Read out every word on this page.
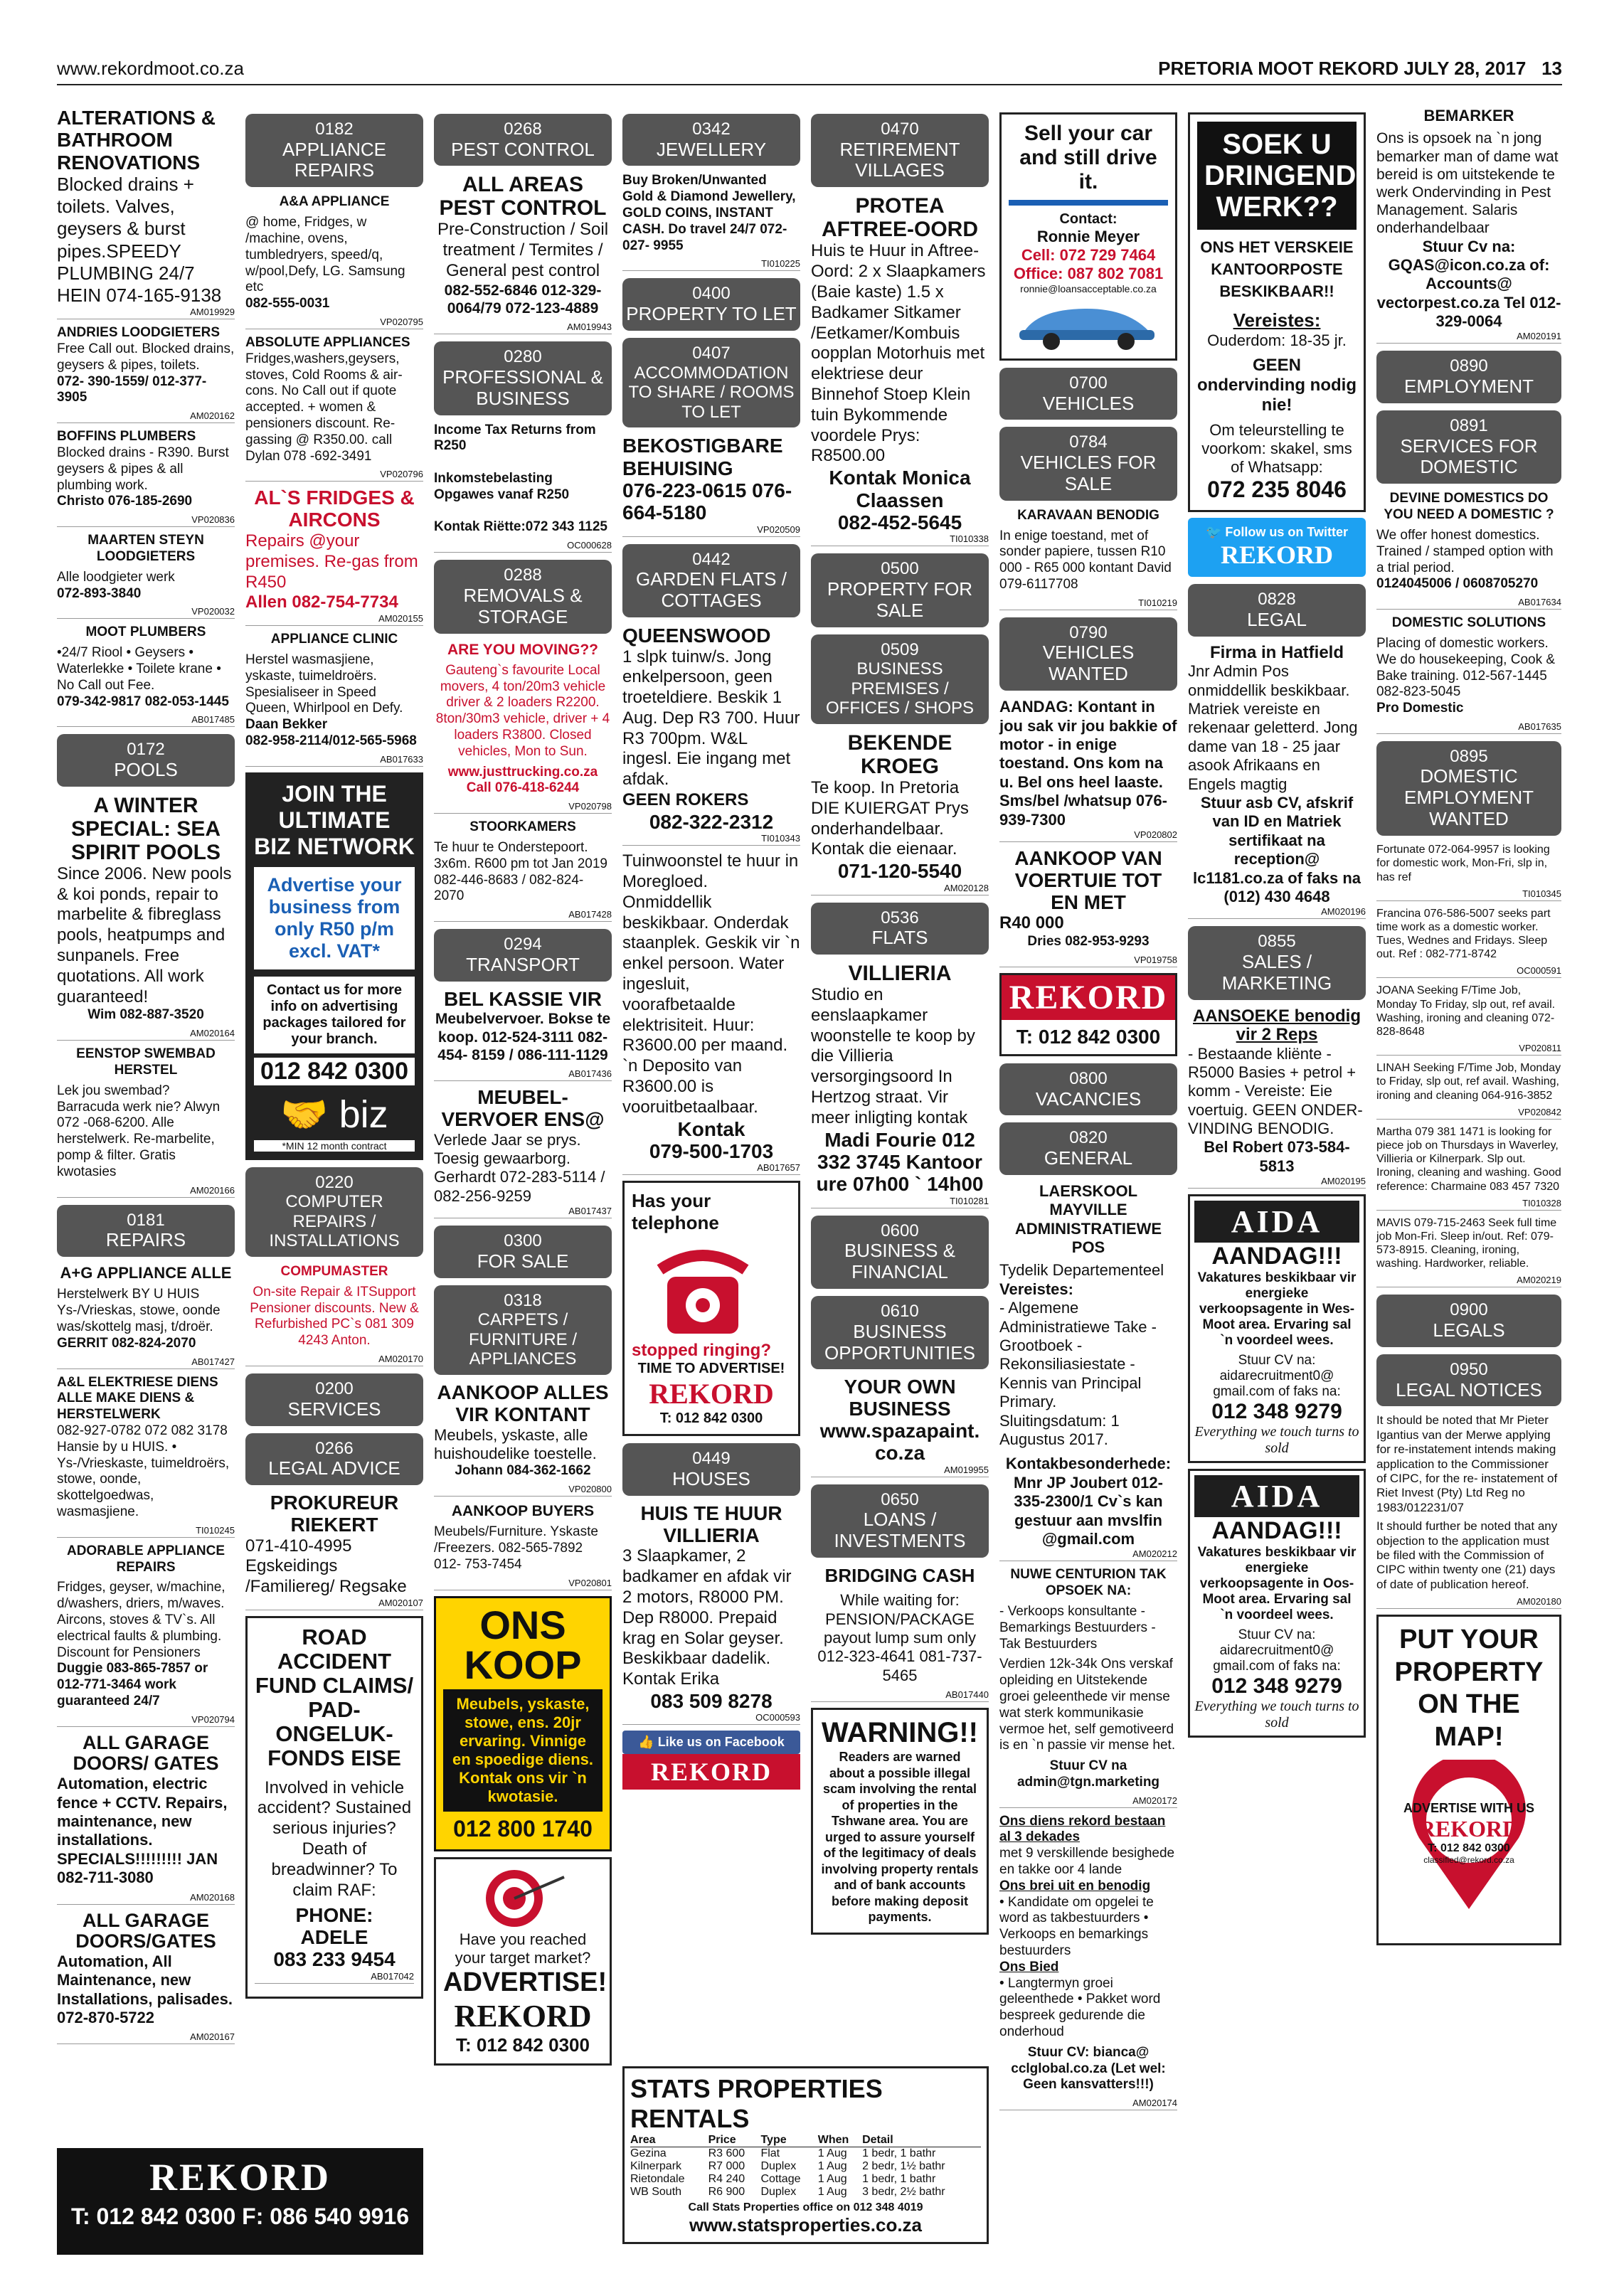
www.rekordmoot.co.za	PRETORIA MOOT REKORD JULY 28, 2017 13
ALTERATIONS & BATHROOM RENOVATIONS
Blocked drains + toilets. Valves, geysers & burst pipes.SPEEDY PLUMBING 24/7 HEIN 074-165-9138
AM019929
ANDRIES LOODGIETERS
Free Call out. Blocked drains, geysers & pipes, toilets.
072- 390-1559/ 012-377-3905
AM020162
BOFFINS PLUMBERS
Blocked drains - R390. Burst geysers & pipes & all plumbing work.
Christo 076-185-2690
VP020836
MAARTEN STEYN LOODGIETERS
Alle loodgieter werk
072-893-3840
VP020032
MOOT PLUMBERS
•24/7 Riool • Geysers • Waterlekke • Toilete krane • No Call out Fee.
079-342-9817 082-053-1445
AB017485
0172
POOLS
A WINTER SPECIAL: SEA SPIRIT POOLS
Since 2006. New pools & koi ponds, repair to marbelite & fibreglass pools, heatpumps and sunpanels. Free quotations. All work guaranteed!
Wim 082-887-3520
AM020164
EENSTOP SWEMBAD HERSTEL
Lek jou swembad? Barracuda werk nie? Alwyn 072 -068-6200. Alle herstelwerk. Re-marbelite, pomp & filter. Gratis kwotasies
AM020166
0181
REPAIRS
A+G APPLIANCE ALLE
Herstelwerk BY U HUIS Ys-/Vrieskas, stowe, oonde was/skottelg masj, t/droër.
GERRIT 082-824-2070
AB017427
A&L ELEKTRIESE DIENS ALLE MAKE DIENS & HERSTELWERK
082-927-0782 072 082 3178 Hansie by u HUIS. • Ys-/Vrieskaste, tuimeldroërs, stowe, oonde, skottelgoedwas, wasmasjiene.
TI010245
ADORABLE APPLIANCE REPAIRS
Fridges, geyser, w/machine, d/washers, driers, m/waves. Aircons, stoves & TV`s. All electrical faults & plumbing. Discount for Pensioners
Duggie 083-865-7857 or 012-771-3464 work guaranteed 24/7
VP020794
ALL GARAGE DOORS/ GATES
Automation, electric fence + CCTV. Repairs, maintenance, new installations. SPECIALS!!!!!!!!! JAN 082-711-3080
AM020168
ALL GARAGE DOORS/GATES
Automation, All Maintenance, new Installations, palisades. 072-870-5722
AM020167
0182
APPLIANCE REPAIRS
A&A APPLIANCE
@ home, Fridges, w /machine, ovens, tumbledryers, speed/q, w/pool,Defy, LG. Samsung etc
082-555-0031
VP020795
ABSOLUTE APPLIANCES
Fridges,washers,geysers, stoves, Cold Rooms & air-cons. No Call out if quote accepted. + women & pensioners discount. Re-gassing @ R350.00. call Dylan 078 -692-3491
VP020796
AL`S FRIDGES & AIRCONS
Repairs @your premises. Re-gas from R450
Allen 082-754-7734
AM020155
APPLIANCE CLINIC
Herstel wasmasjiene, yskaste, tuimeldroërs. Spesialiseer in Speed Queen, Whirlpool en Defy.
Daan Bekker
082-958-2114/012-565-5968
AB017633
JOIN THE
ULTIMATE
BIZ NETWORK
Advertise your business from only R50 p/m excl. VAT*
Contact us for more info on advertising packages tailored for your branch.
012 842 0300
🤝 biz
*MIN 12 month contract
0220
COMPUTER REPAIRS / INSTALLATIONS
COMPUMASTER
On-site Repair & ITSupport Pensioner discounts. New & Refurbished PC`s 081 309 4243 Anton.
AM020170
0200
SERVICES
0266
LEGAL ADVICE
PROKUREUR RIEKERT
071-410-4995 Egskeidings /Familiereg/ Regsake
AM020107
ROAD ACCIDENT FUND CLAIMS/ PAD-ONGELUK-FONDS EISE
Involved in vehicle accident? Sustained serious injuries? Death of breadwinner? To claim RAF:
PHONE:
ADELE
083 233 9454
AB017042
0268
PEST CONTROL
ALL AREAS PEST CONTROL
Pre-Construction / Soil treatment / Termites / General pest control
082-552-6846 012-329-0064/79 072-123-4889
AM019943
0280
PROFESSIONAL & BUSINESS
Income Tax Returns from R250

Inkomstebelasting Opgawes vanaf R250

Kontak Riëtte:072 343 1125
OC000628
0288
REMOVALS & STORAGE
ARE YOU MOVING??
Gauteng`s favourite Local movers, 4 ton/20m3 vehicle driver & 2 loaders R2200. 8ton/30m3 vehicle, driver + 4 loaders R3800. Closed vehicles, Mon to Sun.
www.justtrucking.co.za
Call 076-418-6244
VP020798
STOORKAMERS
Te huur te Onderstepoort. 3x6m. R600 pm tot Jan 2019 082-446-8683 / 082-824-2070
AB017428
0294
TRANSPORT
BEL KASSIE VIR
Meubelvervoer. Bokse te koop. 012-524-3111 082-454- 8159 / 086-111-1129
AB017436
MEUBEL-VERVOER ENS@
Verlede Jaar se prys. Toesig gewaarborg. Gerhardt 072-283-5114 / 082-256-9259
AB017437
0300
FOR SALE
0318
CARPETS / FURNITURE / APPLIANCES
AANKOOP ALLES VIR KONTANT
Meubels, yskaste, alle huishoudelike toestelle.
Johann 084-362-1662
VP020800
AANKOOP BUYERS
Meubels/Furniture. Yskaste /Freezers. 082-565-7892 012- 753-7454
VP020801
ONS KOOP
Meubels, yskaste, stowe, ens. 20jr ervaring. Vinnige en spoedige diens. Kontak ons vir `n kwotasie.
012 800 1740
Have you reached your target market?
ADVERTISE!
REKORD
T: 012 842 0300
0342
JEWELLERY
Buy Broken/Unwanted Gold & Diamond Jewellery, GOLD COINS, INSTANT CASH. Do travel 24/7 072-027- 9955
TI010225
0400
PROPERTY TO LET
0407
ACCOMMODATION TO SHARE / ROOMS TO LET
BEKOSTIGBARE BEHUISING
076-223-0615 076- 664-5180
VP020509
0442
GARDEN FLATS / COTTAGES
QUEENSWOOD
1 slpk tuinw/s. Jong enkelpersoon, geen troeteldiere. Beskik 1 Aug. Dep R3 700. Huur R3 700pm. W&L ingesl. Eie ingang met afdak.
GEEN ROKERS
082-322-2312
TI010343
Tuinwoonstel te huur in Moregloed. Onmiddellik beskikbaar. Onderdak staanplek. Geskik vir `n enkel persoon. Water ingesluit, voorafbetaalde elektrisiteit. Huur: R3600.00 per maand. `n Deposito van R3600.00 is vooruitbetaalbaar.
Kontak
079-500-1703
AB017657
Has your telephone
stopped ringing?
TIME TO ADVERTISE!
REKORD
T: 012 842 0300
0449
HOUSES
HUIS TE HUUR VILLIERIA
3 Slaapkamer, 2 badkamer en afdak vir 2 motors, R8000 PM. Dep R8000. Prepaid krag en Solar geyser. Beskikbaar dadelik. Kontak Erika
083 509 8278
OC000593
👍 Like us on Facebook
REKORD
0470
RETIREMENT VILLAGES
PROTEA AFTREE-OORD
Huis te Huur in Aftree-Oord: 2 x Slaapkamers (Baie kaste) 1.5 x Badkamer Sitkamer /Eetkamer/Kombuis oopplan Motorhuis met elektriese deur Binnehof Stoep Klein tuin Bykommende voordele Prys: R8500.00
Kontak Monica Claassen
082-452-5645
TI010338
0500
PROPERTY FOR SALE
0509
BUSINESS PREMISES / OFFICES / SHOPS
BEKENDE KROEG
Te koop. In Pretoria DIE KUIERGAT Prys onderhandelbaar. Kontak die eienaar.
071-120-5540
AM020128
0536
FLATS
VILLIERIA
Studio en eenslaapkamer woonstelle te koop by die Villieria versorgingsoord In Hertzog straat. Vir meer inligting kontak
Madi Fourie 012 332 3745 Kantoor ure 07h00 ` 14h00
TI010281
0600
BUSINESS & FINANCIAL
0610
BUSINESS OPPORTUNITIES
YOUR OWN BUSINESS
www.spazapaint. co.za
AM019955
0650
LOANS / INVESTMENTS
BRIDGING CASH
While waiting for: PENSION/PACKAGE payout lump sum only 012-323-4641 081-737-5465
AB017440
WARNING!!
Readers are warned about a possible illegal scam involving the rental of properties in the Tshwane area. You are urged to assure yourself of the legitimacy of deals involving property rentals and of bank accounts before making deposit payments.
STATS PROPERTIES RENTALS
Area	Price	Type	When	Detail
Gezina	R3 600	Flat	1 Aug	1 bedr, 1 bathr
Kilnerpark	R7 000	Duplex	1 Aug	2 bedr, 1½ bathr
Rietondale	R4 240	Cottage	1 Aug	1 bedr, 1 bathr
WB South	R6 900	Duplex	1 Aug	3 bedr, 2½ bathr
Call Stats Properties office on 012 348 4019
www.statsproperties.co.za
Sell your car and still drive it.
Contact:
Ronnie Meyer
Cell: 072 729 7464
Office: 087 802 7081
ronnie@loansacceptable.co.za
0700
VEHICLES
0784
VEHICLES FOR SALE
KARAVAAN BENODIG
In enige toestand, met of sonder papiere, tussen R10 000 - R65 000 kontant David 079-6117708
TI010219
0790
VEHICLES WANTED
AANDAG: Kontant in jou sak vir jou bakkie of motor - in enige toestand. Ons kom na u. Bel ons heel laaste. Sms/bel /whatsup 076-939-7300
VP020802
AANKOOP VAN VOERTUIE TOT EN MET
R40 000
Dries 082-953-9293
VP019758
REKORD
T: 012 842 0300
0800
VACANCIES
0820
GENERAL
LAERSKOOL MAYVILLE ADMINISTRATIEWE POS
Tydelik Departementeel
Vereistes:
- Algemene Administratiewe Take - Grootboek - Rekonsiliasiestate - Kennis van Principal Primary.
Sluitingsdatum: 1 Augustus 2017.
Kontakbesonderhede: Mnr JP Joubert 012-335-2300/1 Cv`s kan gestuur aan mvslfin @gmail.com
AM020212
NUWE CENTURION TAK OPSOEK NA:
- Verkoops konsultante - Bemarkings Bestuurders - Tak Bestuurders
Verdien 12k-34k Ons verskaf opleiding en Uitstekende groei geleenthede vir mense wat sterk kommunikasie vermoe het, self gemotiveerd is en `n passie vir mense het.
Stuur CV na admin@tgn.marketing
AM020172
Ons diens rekord bestaan al 3 dekades
met 9 verskillende besighede en takke oor 4 lande
Ons brei uit en benodig
• Kandidate om opgelei te word as takbestuurders • Verkoops en bemarkings bestuurders
Ons Bied
• Langtermyn groei geleenthede • Pakket word bespreek gedurende die onderhoud
Stuur CV: bianca@ cclglobal.co.za (Let wel: Geen kansvatters!!!)
AM020174
SOEK U DRINGEND WERK??
ONS HET VERSKEIE KANTOORPOSTE BESKIKBAAR!!
Vereistes:
Ouderdom: 18-35 jr.
GEEN ondervinding nodig nie!
Om teleurstelling te voorkom: skakel, sms of Whatsapp:
072 235 8046
🐦 Follow us on Twitter
REKORD
0828
LEGAL
Firma in Hatfield
Jnr Admin Pos onmiddellik beskikbaar. Matriek vereiste en rekenaar geletterd. Jong dame van 18 - 25 jaar asook Afrikaans en Engels magtig
Stuur asb CV, afskrif van ID en Matriek sertifikaat na reception@ lc1181.co.za of faks na (012) 430 4648
AM020196
0855
SALES / MARKETING
AANSOEKE benodig vir 2 Reps
- Bestaande kliënte - R5000 Basies + petrol + komm - Vereiste: Eie voertuig. GEEN ONDER-VINDING BENODIG.
Bel Robert 073-584-5813
AM020195
AIDA
AANDAG!!!
Vakatures beskikbaar vir energieke verkoopsagente in Wes-Moot area. Ervaring sal `n voordeel wees.
Stuur CV na: aidarecruitment0@ gmail.com of faks na:
012 348 9279
Everything we touch turns to sold
AIDA
AANDAG!!!
Vakatures beskikbaar vir energieke verkoopsagente in Oos-Moot area. Ervaring sal `n voordeel wees.
Stuur CV na: aidarecruitment0@ gmail.com of faks na:
012 348 9279
Everything we touch turns to sold
BEMARKER
Ons is opsoek na `n jong bemarker man of dame wat bereid is om uitstekende te werk Ondervinding in Pest Management. Salaris onderhandelbaar
Stuur Cv na: GQAS@icon.co.za of: Accounts@ vectorpest.co.za Tel 012-329-0064
AM020191
0890
EMPLOYMENT
0891
SERVICES FOR DOMESTIC
DEVINE DOMESTICS DO YOU NEED A DOMESTIC ?
We offer honest domestics. Trained / stamped option with a trial period.
0124045006 / 0608705270
AB017634
DOMESTIC SOLUTIONS
Placing of domestic workers. We do housekeeping, Cook & Bake training. 012-567-1445 082-823-5045
Pro Domestic
AB017635
0895
DOMESTIC EMPLOYMENT WANTED
Fortunate 072-064-9957 is looking for domestic work, Mon-Fri, slp in, has ref
TI010345
Francina 076-586-5007 seeks part time work as a domestic worker. Tues, Wednes and Fridays. Sleep out. Ref : 082-771-8742
OC000591
JOANA Seeking F/Time Job, Monday To Friday, slp out, ref avail. Washing, ironing and cleaning 072-828-8648
VP020811
LINAH Seeking F/Time Job, Monday to Friday, slp out, ref avail. Washing, ironing and cleaning 064-916-3852
VP020842
Martha 079 381 1471 is looking for piece job on Thursdays in Waverley, Villieria or Kilnerpark. Slp out. Ironing, cleaning and washing. Good reference: Charmaine 083 457 7320
TI010328
MAVIS 079-715-2463 Seek full time job Mon-Fri. Sleep in/out. Ref: 079-573-8915. Cleaning, ironing, washing. Hardworker, reliable.
AM020219
0900
LEGALS
0950
LEGAL NOTICES
It should be noted that Mr Pieter Igantius van der Merwe applying for re-instatement intends making application to the Commissioner of CIPC, for the re- instatement of Riet Invest (Pty) Ltd Reg no 1983/012231/07
It should further be noted that any objection to the application must be filed with the Commission of CIPC within twenty one (21) days of date of publication hereof.
AM020180
PUT YOUR PROPERTY ON THE MAP!
ADVERTISE WITH US
REKORD
T: 012 842 0300
classified@rekord.co.za
REKORD
T: 012 842 0300 F: 086 540 9916
